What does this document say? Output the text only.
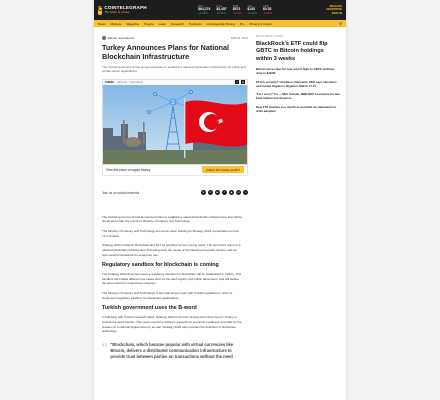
C COINTELEGRAPH
The future of money
BTC
$64,274
+0.62%
ETH
$3,457
+0.21%
BNB
$573
-0.11%
SOL
$145
+1.04%
XRP
$0.52
-0.35%
ENGLISH
ADVERTISE
SIGN IN
News Markets Magazine People Learn Research Podcasts Cointelegraph Mining Pro Privacy & Crypto	⚲
Ellman Sonthelanon	FEB 06, 2024
Turkey Announces Plans for National Blockchain Infrastructure

The Turkish government has announced plans to establish a national blockchain infrastructure for public and private-sector applications.

TRBNS ARTICLE · 2 MIN READ	↗	★
Own this piece of crypto history	Collect this article as NFT
Join us on social networks	➤	𝕏	▶	f	◉	in	⌖

The Turkish government has announced plans to establish a national blockchain infrastructure that will be developed under the country's Ministry of Industry and Technology.

The Ministry of Industry and Technology set out its vision starting its Strategy 2023 presentation on Feb. 13 in Ankara.

Strategy 2023 envisions blockchain and DLT as priorities for the coming years. The document refers to a national blockchain infrastructure that will service the needs of the banking and public sectors, with an open-source framework for enterprise use.

Regulatory sandbox for blockchain is coming

The Strategy 2023 document says a regulatory sandbox for blockchain will be established in Turkey. This sandbox will enable different use cases such as the land registry and public documents, and will outline the best criteria for mainstream adoption.

The Ministry of Industry and Technology is also planning to work with Turkish regulators in order to implement regulatory sandbox for blockchain applications.

Turkish government uses the B-word

In following with Turkish research plans, Strategy 2023 is the first ministry-level document in Turkey to include the word 'bitcoin'. This report mentions Turkey's research on economic readiness and calls for the creation of a national digital currency as well. Strategy 2023 also provides the definition of blockchain technology.

“ "Blockchain, which became popular with virtual currencies like Bitcoin, delivers a distributed communication infrastructure to provide trust between parties on transactions without the need

MOST READ TODAY
BlackRock's ETF could flip GBTC in Bitcoin holdings within 3 weeks

Bitcoin price clear for new record high as GBTC outflows drop to $110M

ETH is security? Coinbase chancellor, SEC says sanctions new harder Hayden's litigation, March 17-21

'Am I sorry?' lol — SEC founder, MBE BPZ Assurance for law fund market-Yan Expense

New FTX doubles to a month as possible tip statements to drive adoption
